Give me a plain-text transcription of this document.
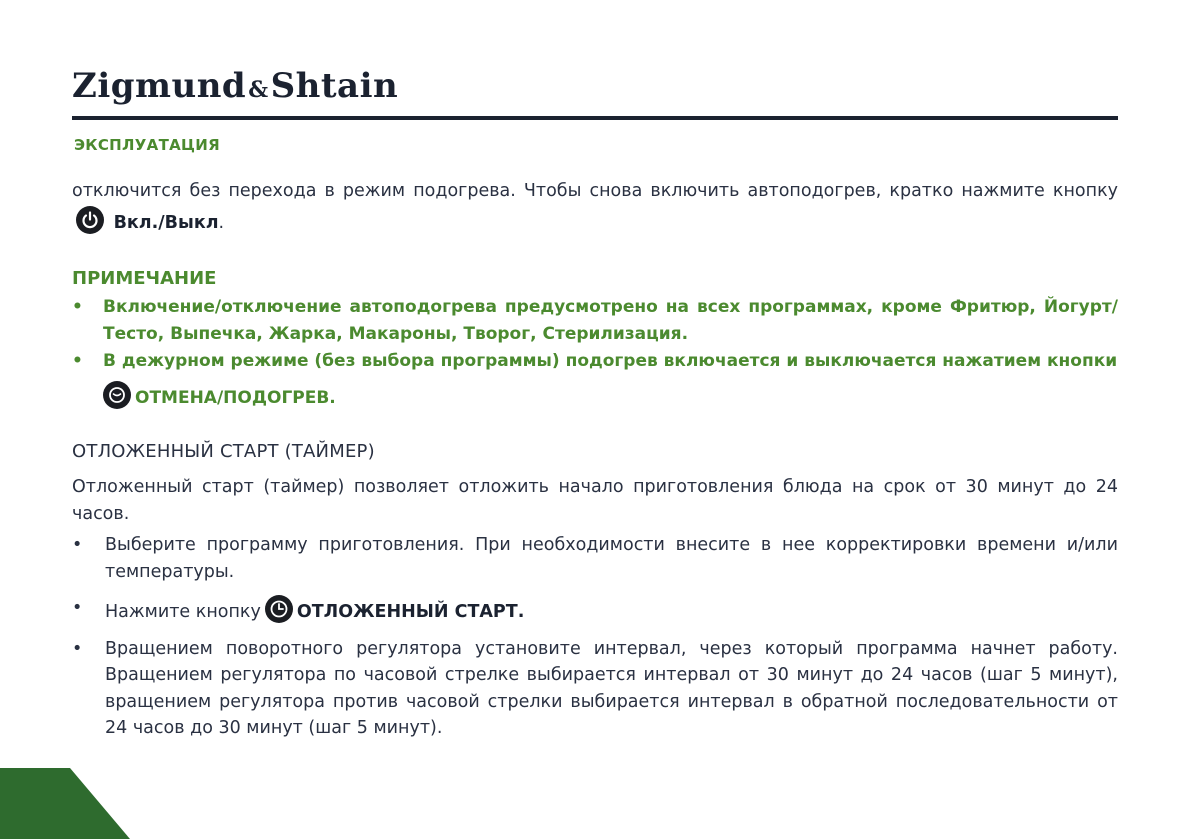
Zigmund&Shtain
ЭКСПЛУАТАЦИЯ
отключится без перехода в режим подогрева. Чтобы снова включить автоподогрев, кратко нажмите кнопку
Вкл./Выкл.
ПРИМЕЧАНИЕ
• Включение/отключение автоподогрева предусмотрено на всех программах, кроме Фритюр, Йогурт/Тесто, Выпечка, Жарка, Макароны, Творог, Стерилизация.
• В дежурном режиме (без выбора программы) подогрев включается и выключается нажатием кнопки
ОТМЕНА/ПОДОГРЕВ.
ОТЛОЖЕННЫЙ СТАРТ (ТАЙМЕР)
Отложенный старт (таймер) позволяет отложить начало приготовления блюда на срок от 30 минут до 24 часов.
• Выберите программу приготовления. При необходимости внесите в нее корректировки времени и/или температуры.
• Нажмите кнопку ОТЛОЖЕННЫЙ СТАРТ.
• Вращением поворотного регулятора установите интервал, через который программа начнет работу. Вращением регулятора по часовой стрелке выбирается интервал от 30 минут до 24 часов (шаг 5 минут), вращением регулятора против часовой стрелки выбирается интервал в обратной последовательности от 24 часов до 30 минут (шаг 5 минут).
